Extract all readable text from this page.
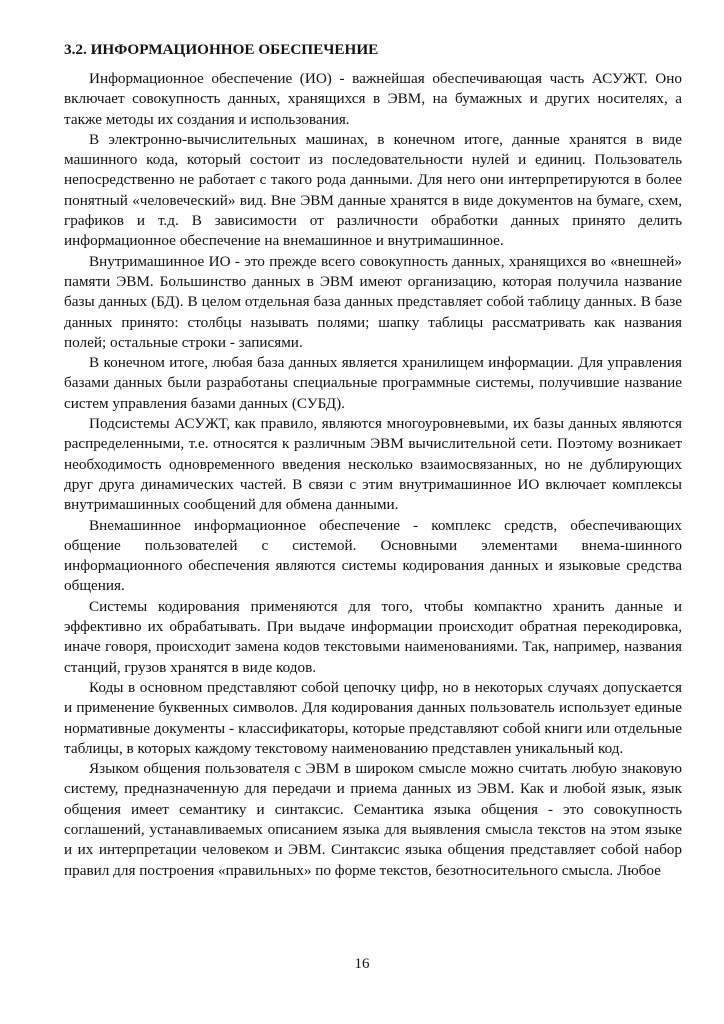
3.2. ИНФОРМАЦИОННОЕ ОБЕСПЕЧЕНИЕ

Информационное обеспечение (ИО) - важнейшая обеспечивающая часть АСУЖТ. Оно включает совокупность данных, хранящихся в ЭВМ, на бумажных и других носителях, а также методы их создания и использования.

В электронно-вычислительных машинах, в конечном итоге, данные хранятся в виде машинного кода, который состоит из последовательности нулей и единиц. Пользователь непосредственно не работает с такого рода данными. Для него они интерпретируются в более понятный «человеческий» вид. Вне ЭВМ данные хранятся в виде документов на бумаге, схем, графиков и т.д. В зависимости от различности обработки данных принято делить информационное обеспечение на внемашинное и внутримашинное.

Внутримашинное ИО - это прежде всего совокупность данных, хранящихся во «внешней» памяти ЭВМ. Большинство данных в ЭВМ имеют организацию, которая получила название базы данных (БД). В целом отдельная база данных представляет собой таблицу данных. В базе данных принято: столбцы называть полями; шапку таблицы рассматривать как названия полей; остальные строки - записями.

В конечном итоге, любая база данных является хранилищем информации. Для управления базами данных были разработаны специальные программные системы, получившие название систем управления базами данных (СУБД).

Подсистемы АСУЖТ, как правило, являются многоуровневыми, их базы данных являются распределенными, т.е. относятся к различным ЭВМ вычислительной сети. Поэтому возникает необходимость одновременного введения несколько взаимосвязанных, но не дублирующих друг друга динамических частей. В связи с этим внутримашинное ИО включает комплексы внутримашинных сообщений для обмена данными.

Внемашинное информационное обеспечение - комплекс средств, обеспечивающих общение пользователей с системой. Основными элементами внема-шинного информационного обеспечения являются системы кодирования данных и языковые средства общения.

Системы кодирования применяются для того, чтобы компактно хранить данные и эффективно их обрабатывать. При выдаче информации происходит обратная перекодировка, иначе говоря, происходит замена кодов текстовыми наименованиями. Так, например, названия станций, грузов хранятся в виде кодов.

Коды в основном представляют собой цепочку цифр, но в некоторых случаях допускается и применение буквенных символов. Для кодирования данных пользователь использует единые нормативные документы - классификаторы, которые представляют собой книги или отдельные таблицы, в которых каждому текстовому наименованию представлен уникальный код.

Языком общения пользователя с ЭВМ в широком смысле можно считать любую знаковую систему, предназначенную для передачи и приема данных из ЭВМ. Как и любой язык, язык общения имеет семантику и синтаксис. Семантика языка общения - это совокупность соглашений, устанавливаемых описанием языка для выявления смысла текстов на этом языке и их интерпретации человеком и ЭВМ. Синтаксис языка общения представляет собой набор правил для построения «правильных» по форме текстов, безотносительного смысла. Любое

16
